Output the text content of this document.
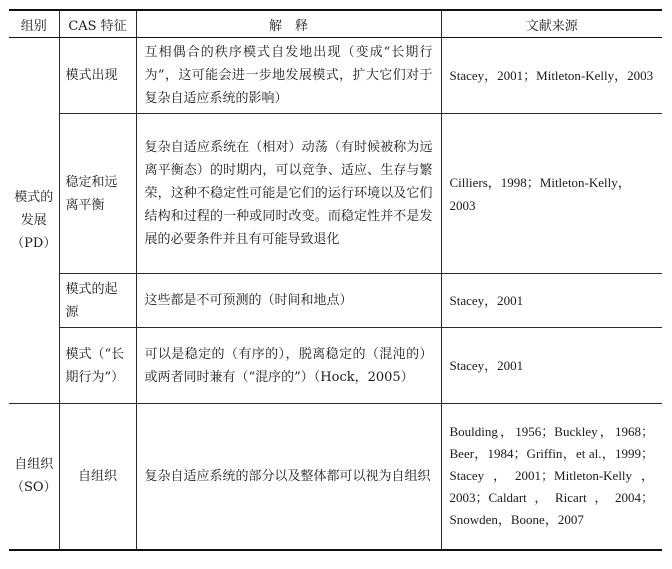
组别	CAS 特征	解　释	文献来源
模式的发展（PD）	模式出现	互相偶合的秩序模式自发地出现（变成“长期行为”，这可能会进一步地发展模式，扩大它们对于复杂自适应系统的影响）	Stacey，2001；Mitleton-Kelly，2003
	稳定和远离平衡	复杂自适应系统在（相对）动荡（有时候被称为远离平衡态）的时期内，可以竞争、适应、生存与繁荣，这种不稳定性可能是它们的运行环境以及它们结构和过程的一种或同时改变。而稳定性并不是发展的必要条件并且有可能导致退化	Cilliers，1998；Mitleton-Kelly，2003
	模式的起源	这些都是不可预测的（时间和地点）	Stacey，2001
	模式（“长期行为”）	可以是稳定的（有序的），脱离稳定的（混沌的）或两者同时兼有（“混序的”）（Hock，2005）	Stacey，2001
自组织（SO）	自组织	复杂自适应系统的部分以及整体都可以视为自组织	Boulding，1956；Buckley，1968；Beer，1984；Griffin，et al.，1999；Stacey，2001；Mitleton-Kelly，2003；Caldart，Ricart，2004；Snowden，Boone，2007
